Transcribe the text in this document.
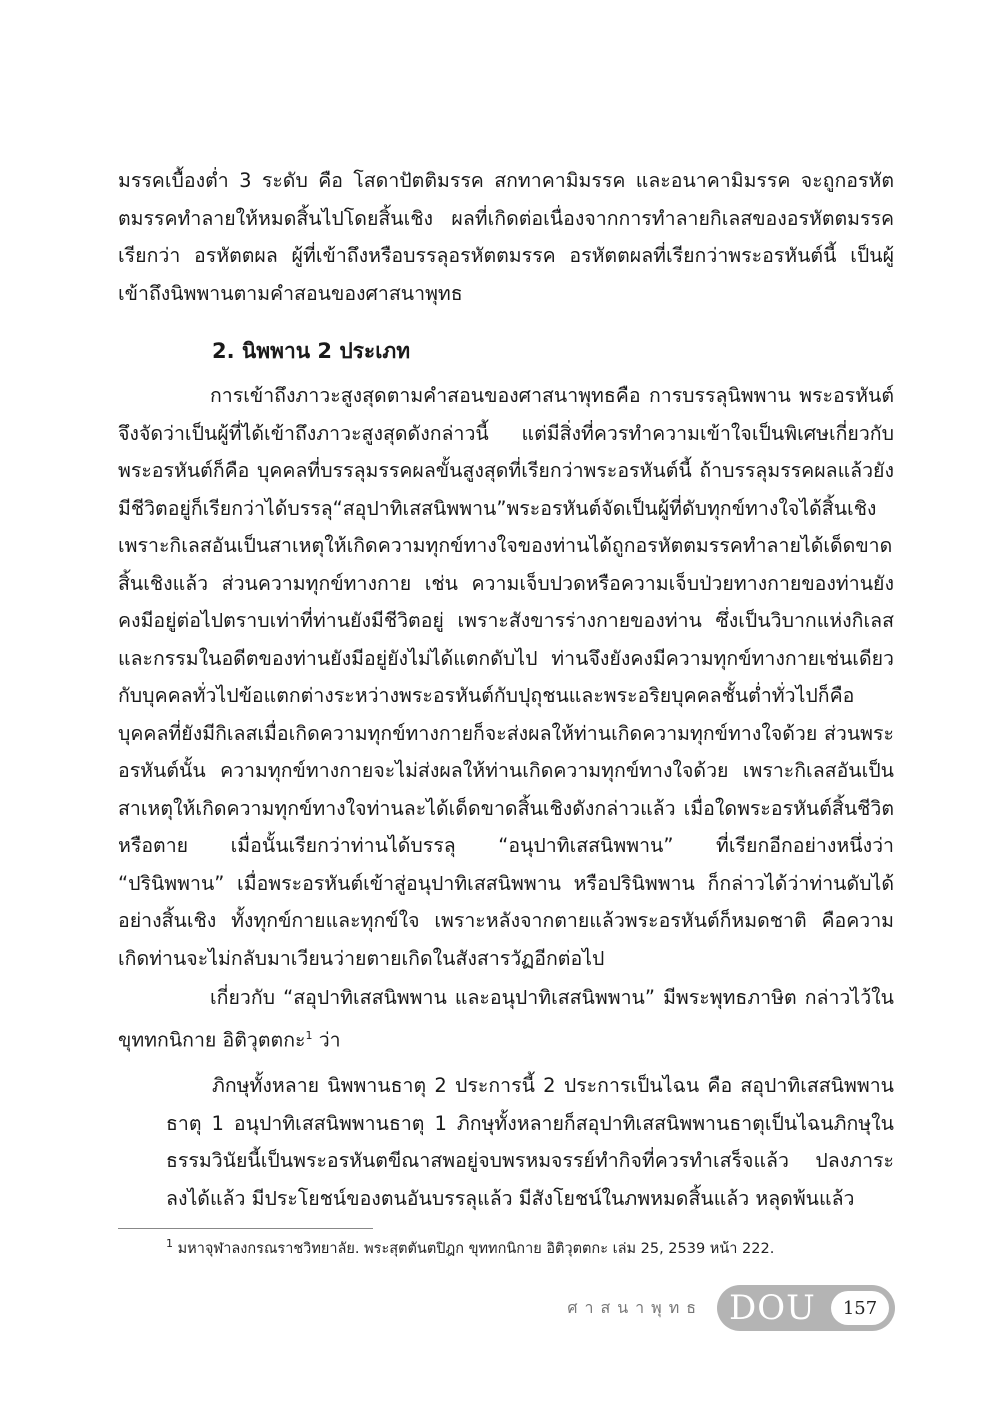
มรรคเบื้องต่ำ 3 ระดับ คือ โสดาปัตติมรรค สกทาคามิมรรค และอนาคามิมรรค จะถูกอรหัตตมรรคทำลายให้หมดสิ้นไปโดยสิ้นเชิง ผลที่เกิดต่อเนื่องจากการทำลายกิเลสของอรหัตตมรรค เรียกว่า อรหัตตผล ผู้ที่เข้าถึงหรือบรรลุอรหัตตมรรค อรหัตตผลที่เรียกว่าพระอรหันต์นี้ เป็นผู้เข้าถึงนิพพานตามคำสอนของศาสนาพุทธ

2. นิพพาน 2 ประเภท

การเข้าถึงภาวะสูงสุดตามคำสอนของศาสนาพุทธคือ การบรรลุนิพพาน พระอรหันต์จึงจัดว่าเป็นผู้ที่ได้เข้าถึงภาวะสูงสุดดังกล่าวนี้ แต่มีสิ่งที่ควรทำความเข้าใจเป็นพิเศษเกี่ยวกับพระอรหันต์ก็คือ บุคคลที่บรรลุมรรคผลขั้นสูงสุดที่เรียกว่าพระอรหันต์นี้ ถ้าบรรลุมรรคผลแล้วยังมีชีวิตอยู่ก็เรียกว่าได้บรรลุ“สอุปาทิเสสนิพพาน”พระอรหันต์จัดเป็นผู้ที่ดับทุกข์ทางใจได้สิ้นเชิงเพราะกิเลสอันเป็นสาเหตุให้เกิดความทุกข์ทางใจของท่านได้ถูกอรหัตตมรรคทำลายได้เด็ดขาดสิ้นเชิงแล้ว ส่วนความทุกข์ทางกาย เช่น ความเจ็บปวดหรือความเจ็บป่วยทางกายของท่านยังคงมีอยู่ต่อไปตราบเท่าที่ท่านยังมีชีวิตอยู่ เพราะสังขารร่างกายของท่าน ซึ่งเป็นวิบากแห่งกิเลสและกรรมในอดีตของท่านยังมีอยู่ยังไม่ได้แตกดับไป ท่านจึงยังคงมีความทุกข์ทางกายเช่นเดียวกับบุคคลทั่วไปข้อแตกต่างระหว่างพระอรหันต์กับปุถุชนและพระอริยบุคคลชั้นต่ำทั่วไปก็คือบุคคลที่ยังมีกิเลสเมื่อเกิดความทุกข์ทางกายก็จะส่งผลให้ท่านเกิดความทุกข์ทางใจด้วย ส่วนพระอรหันต์นั้น ความทุกข์ทางกายจะไม่ส่งผลให้ท่านเกิดความทุกข์ทางใจด้วย เพราะกิเลสอันเป็นสาเหตุให้เกิดความทุกข์ทางใจท่านละได้เด็ดขาดสิ้นเชิงดังกล่าวแล้ว เมื่อใดพระอรหันต์สิ้นชีวิตหรือตาย เมื่อนั้นเรียกว่าท่านได้บรรลุ “อนุปาทิเสสนิพพาน” ที่เรียกอีกอย่างหนึ่งว่า “ปรินิพพาน” เมื่อพระอรหันต์เข้าสู่อนุปาทิเสสนิพพาน หรือปรินิพพาน ก็กล่าวได้ว่าท่านดับได้อย่างสิ้นเชิง ทั้งทุกข์กายและทุกข์ใจ เพราะหลังจากตายแล้วพระอรหันต์ก็หมดชาติ คือความเกิดท่านจะไม่กลับมาเวียนว่ายตายเกิดในสังสารวัฏอีกต่อไป

เกี่ยวกับ “สอุปาทิเสสนิพพาน และอนุปาทิเสสนิพพาน” มีพระพุทธภาษิต กล่าวไว้ในขุททกนิกาย อิติวุตตกะ$^1$ ว่า

ภิกษุทั้งหลาย นิพพานธาตุ 2 ประการนี้ 2 ประการเป็นไฉน คือ สอุปาทิเสสนิพพานธาตุ 1 อนุปาทิเสสนิพพานธาตุ 1 ภิกษุทั้งหลายก็สอุปาทิเสสนิพพานธาตุเป็นไฉนภิกษุในธรรมวินัยนี้เป็นพระอรหันตขีณาสพอยู่จบพรหมจรรย์ทำกิจที่ควรทำเสร็จแล้ว ปลงภาระลงได้แล้ว มีประโยชน์ของตนอันบรรลุแล้ว มีสังโยชน์ในภพหมดสิ้นแล้ว หลุดพ้นแล้ว

$^1$ มหาจุฬาลงกรณราชวิทยาลัย. พระสุตตันตปิฎก ขุททกนิกาย อิติวุตตกะ เล่ม 25, 2539 หน้า 222.

ศาสนาพุทธ DOU	157
